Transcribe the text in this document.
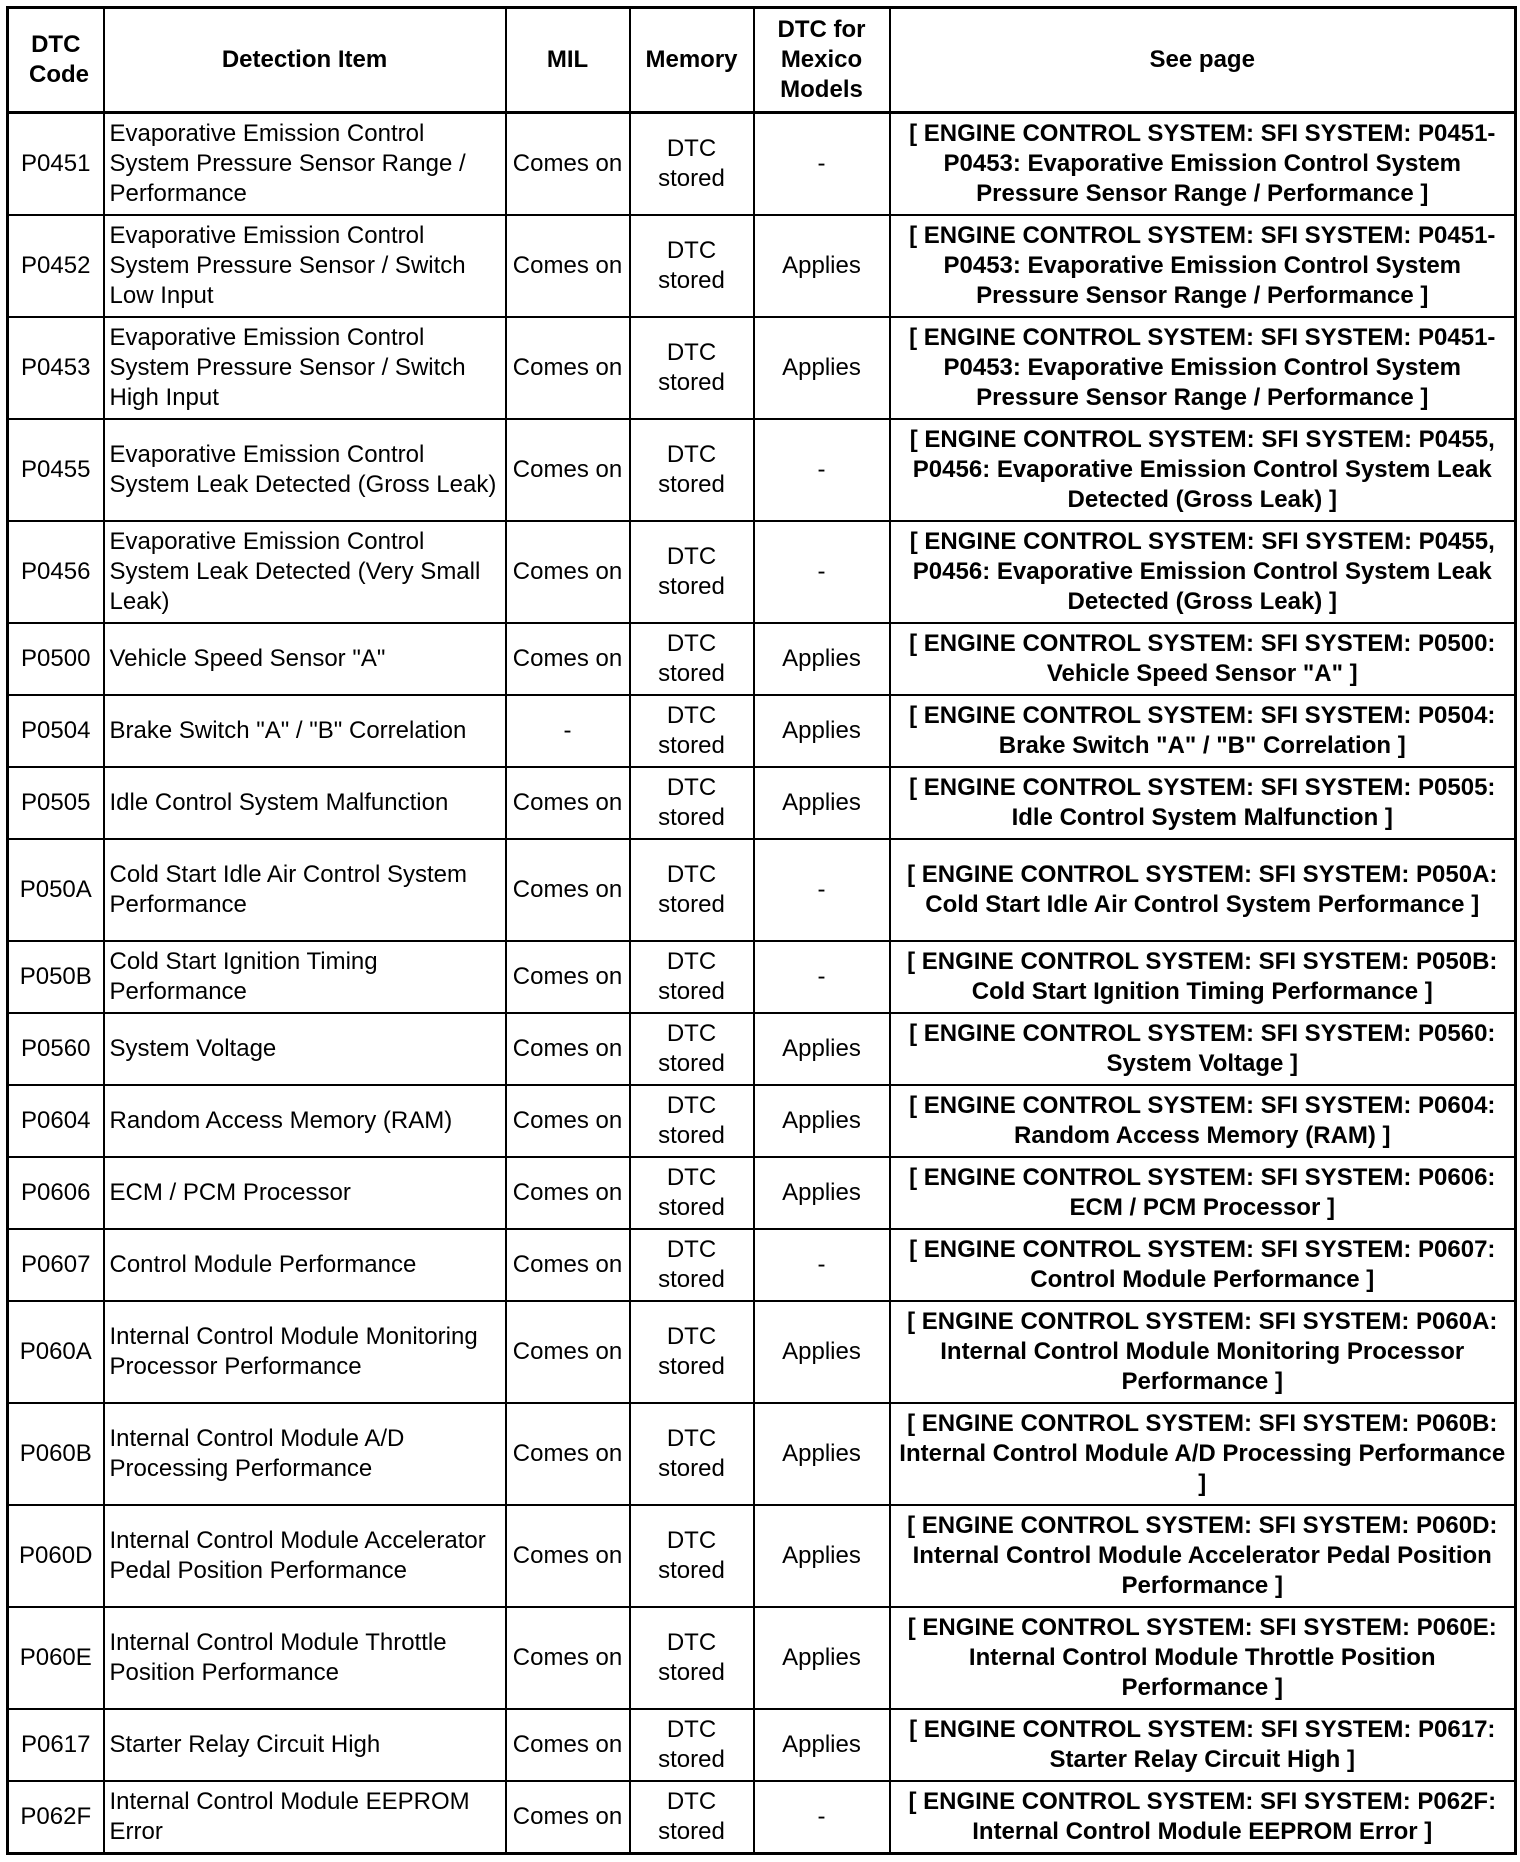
DTC Code	Detection Item	MIL	Memory	DTC for Mexico Models	See page
P0451	Evaporative Emission Control System Pressure Sensor Range / Performance	Comes on	DTC stored	-	[ ENGINE CONTROL SYSTEM: SFI SYSTEM: P0451-P0453: Evaporative Emission Control System Pressure Sensor Range / Performance ]
P0452	Evaporative Emission Control System Pressure Sensor / Switch Low Input	Comes on	DTC stored	Applies	[ ENGINE CONTROL SYSTEM: SFI SYSTEM: P0451-P0453: Evaporative Emission Control System Pressure Sensor Range / Performance ]
P0453	Evaporative Emission Control System Pressure Sensor / Switch High Input	Comes on	DTC stored	Applies	[ ENGINE CONTROL SYSTEM: SFI SYSTEM: P0451-P0453: Evaporative Emission Control System Pressure Sensor Range / Performance ]
P0455	Evaporative Emission Control System Leak Detected (Gross Leak)	Comes on	DTC stored	-	[ ENGINE CONTROL SYSTEM: SFI SYSTEM: P0455, P0456: Evaporative Emission Control System Leak Detected (Gross Leak) ]
P0456	Evaporative Emission Control System Leak Detected (Very Small Leak)	Comes on	DTC stored	-	[ ENGINE CONTROL SYSTEM: SFI SYSTEM: P0455, P0456: Evaporative Emission Control System Leak Detected (Gross Leak) ]
P0500	Vehicle Speed Sensor "A"	Comes on	DTC stored	Applies	[ ENGINE CONTROL SYSTEM: SFI SYSTEM: P0500: Vehicle Speed Sensor "A" ]
P0504	Brake Switch "A" / "B" Correlation	-	DTC stored	Applies	[ ENGINE CONTROL SYSTEM: SFI SYSTEM: P0504: Brake Switch "A" / "B" Correlation ]
P0505	Idle Control System Malfunction	Comes on	DTC stored	Applies	[ ENGINE CONTROL SYSTEM: SFI SYSTEM: P0505: Idle Control System Malfunction ]
P050A	Cold Start Idle Air Control System Performance	Comes on	DTC stored	-	[ ENGINE CONTROL SYSTEM: SFI SYSTEM: P050A: Cold Start Idle Air Control System Performance ]
P050B	Cold Start Ignition Timing Performance	Comes on	DTC stored	-	[ ENGINE CONTROL SYSTEM: SFI SYSTEM: P050B: Cold Start Ignition Timing Performance ]
P0560	System Voltage	Comes on	DTC stored	Applies	[ ENGINE CONTROL SYSTEM: SFI SYSTEM: P0560: System Voltage ]
P0604	Random Access Memory (RAM)	Comes on	DTC stored	Applies	[ ENGINE CONTROL SYSTEM: SFI SYSTEM: P0604: Random Access Memory (RAM) ]
P0606	ECM / PCM Processor	Comes on	DTC stored	Applies	[ ENGINE CONTROL SYSTEM: SFI SYSTEM: P0606: ECM / PCM Processor ]
P0607	Control Module Performance	Comes on	DTC stored	-	[ ENGINE CONTROL SYSTEM: SFI SYSTEM: P0607: Control Module Performance ]
P060A	Internal Control Module Monitoring Processor Performance	Comes on	DTC stored	Applies	[ ENGINE CONTROL SYSTEM: SFI SYSTEM: P060A: Internal Control Module Monitoring Processor Performance ]
P060B	Internal Control Module A/D Processing Performance	Comes on	DTC stored	Applies	[ ENGINE CONTROL SYSTEM: SFI SYSTEM: P060B: Internal Control Module A/D Processing Performance ]
P060D	Internal Control Module Accelerator Pedal Position Performance	Comes on	DTC stored	Applies	[ ENGINE CONTROL SYSTEM: SFI SYSTEM: P060D: Internal Control Module Accelerator Pedal Position Performance ]
P060E	Internal Control Module Throttle Position Performance	Comes on	DTC stored	Applies	[ ENGINE CONTROL SYSTEM: SFI SYSTEM: P060E: Internal Control Module Throttle Position Performance ]
P0617	Starter Relay Circuit High	Comes on	DTC stored	Applies	[ ENGINE CONTROL SYSTEM: SFI SYSTEM: P0617: Starter Relay Circuit High ]
P062F	Internal Control Module EEPROM Error	Comes on	DTC stored	-	[ ENGINE CONTROL SYSTEM: SFI SYSTEM: P062F: Internal Control Module EEPROM Error ]
